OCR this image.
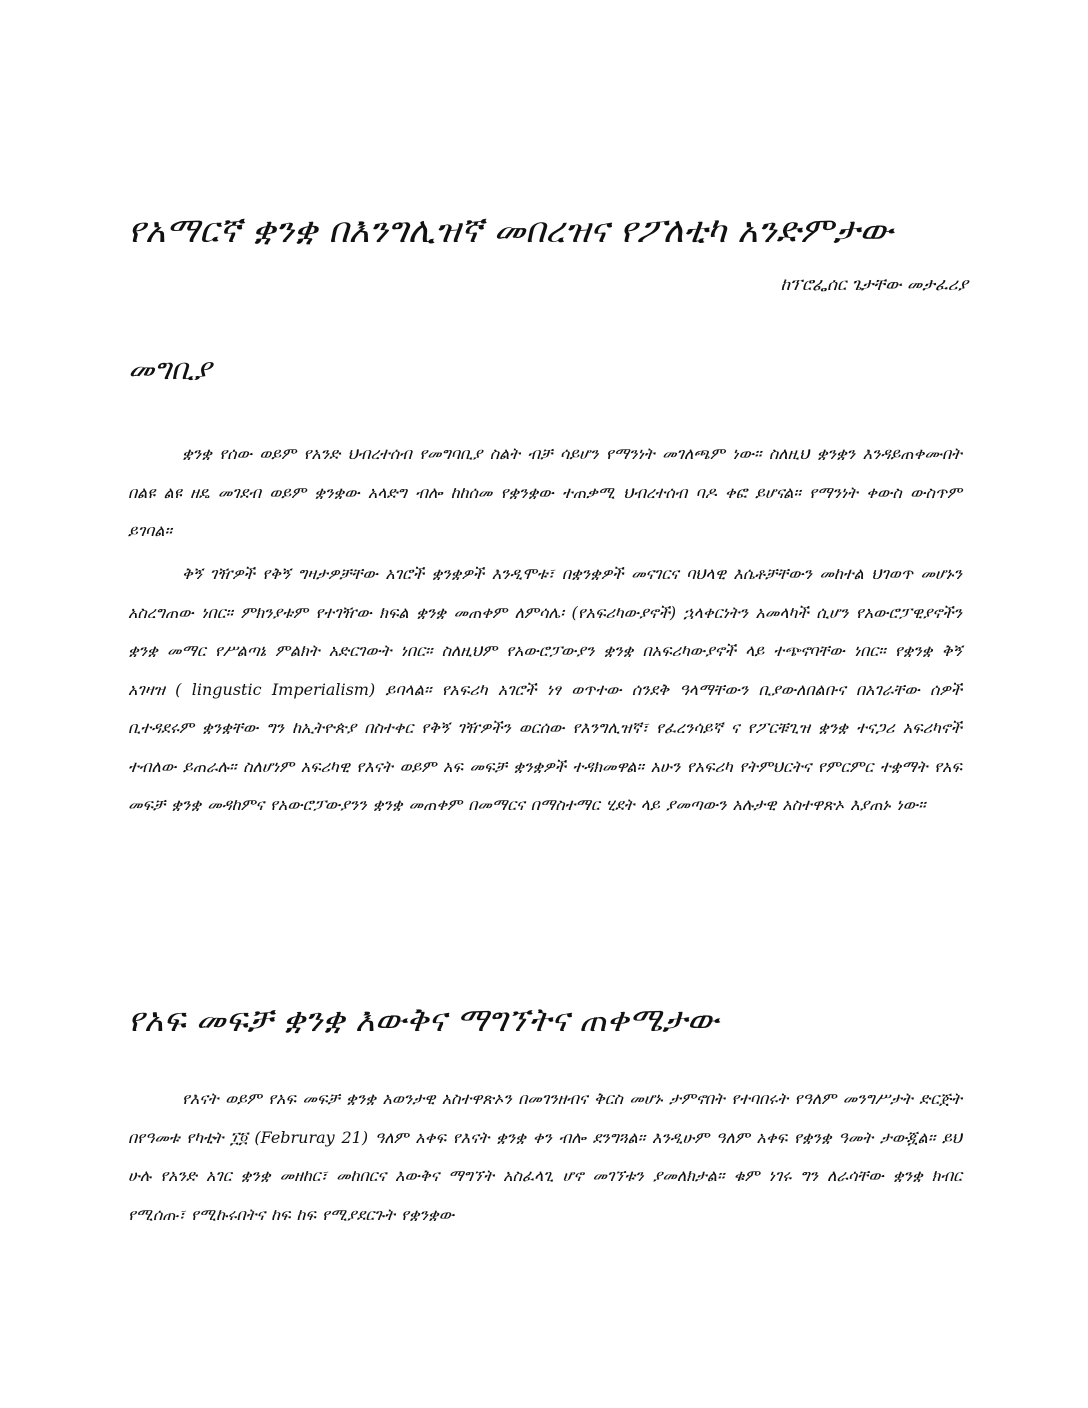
የአማርኛ ቋንቋ በእንግሊዝኛ መበረዝና የፖለቲካ አንድምታው

ከፕሮፌሰር ጌታቸው መታፈሪያ

መግቢያ

ቋንቋ የሰው ወይም የአንድ ህብረተሰብ የመግባቢያ ስልት ብቻ ሳይሆን የማንነት መገለጫም ነው። ስለዚህ ቋንቋን እንዳይጠቀሙበት በልዩ ልዩ ዘዴ መገደብ ወይም ቋንቋው አላድግ ብሎ ከከሰመ የቋንቋው ተጠቃሚ ህብረተሰብ ባዶ ቀፎ ይሆናል። የማንነት ቀውስ ውስጥም ይገባል።

ቅኝ ገዥዎች የቅኝ ግዛታዎቻቸው አገሮች ቋንቋዎች እንዲሞቱ፣ በቋንቋዎች መናገርና ባህላዊ እሴቶቻቸውን መከተል ህገወጥ መሆኑን አስረግጠው ነበር። ምክንያቱም የተገዥው ክፍል ቋንቋ መጠቀም ለምሳሌ፡ (የአፍሪካውያኖች) ኋላቀርነትን አመላካች ሲሆን የአውሮፓዊያኖችን ቋንቋ መማር የሥልጣኔ ምልክት አድርገውት ነበር። ስለዚህም የአውሮፓውያን ቋንቋ በአፍሪካውያኖች ላይ ተጭኖባቸው ነበር። የቋንቋ ቅኝ አገዛዝ ( lingustic Imperialism) ይባላል። የአፍሪካ አገሮች ነፃ ወጥተው ሰንደቅ ዓላማቸውን ቢያውለበልቡና በአገራቸው ሰዎች ቢተዳደሩም ቋንቋቸው ግን ከኢትዮጵያ በስተቀር የቅኝ ገዥዎችን ወርሰው የእንግሊዝኛ፣ የፈረንሳይኛ ና የፖርቹጊዝ ቋንቋ ተናጋሪ አፍሪካኖች ተብለው ይጠራሉ። ስለሆነም አፍሪካዊ የእናት ወይም አፍ መፍቻ ቋንቋዎች ተዳክመዋል። አሁን የአፍሪካ የትምህርትና የምርምር ተቋማት የአፍ መፍቻ ቋንቋ መዳከምና የአውሮፓውያንን ቋንቋ መጠቀም በመማርና በማስተማር ሂደት ላይ ያመጣውን አሉታዊ አስተዋጽኦ እያጠኑ ነው።

የአፍ መፍቻ ቋንቋ እውቅና ማግኘትና ጠቀሜታው

የእናት ወይም የአፍ መፍቻ ቋንቋ አወንታዊ አስተዋጽኦን በመገንዘብና ቅርስ መሆኑ ታምኖበት የተባበሩት የዓለም መንግሥታት ድርጅት በየዓመቱ የካቲት ፲፬ (Februray 21) ዓለም አቀፍ የእናት ቋንቋ ቀን ብሎ ደንግጓል። እንዲሁም ዓለም አቀፍ የቋንቋ ዓመት ታውጇል። ይህ ሁሉ የአንድ አገር ቋንቋ መዘከር፣ መከበርና እውቅና ማግኘት አስፈላጊ ሆኖ መገኘቱን ያመለክታል። ቁም ነገሩ ግን ለራሳቸው ቋንቋ ክብር የሚሰጡ፣ የሚኩሩበትና ከፍ ከፍ የሚያደርጉት የቋንቋው
